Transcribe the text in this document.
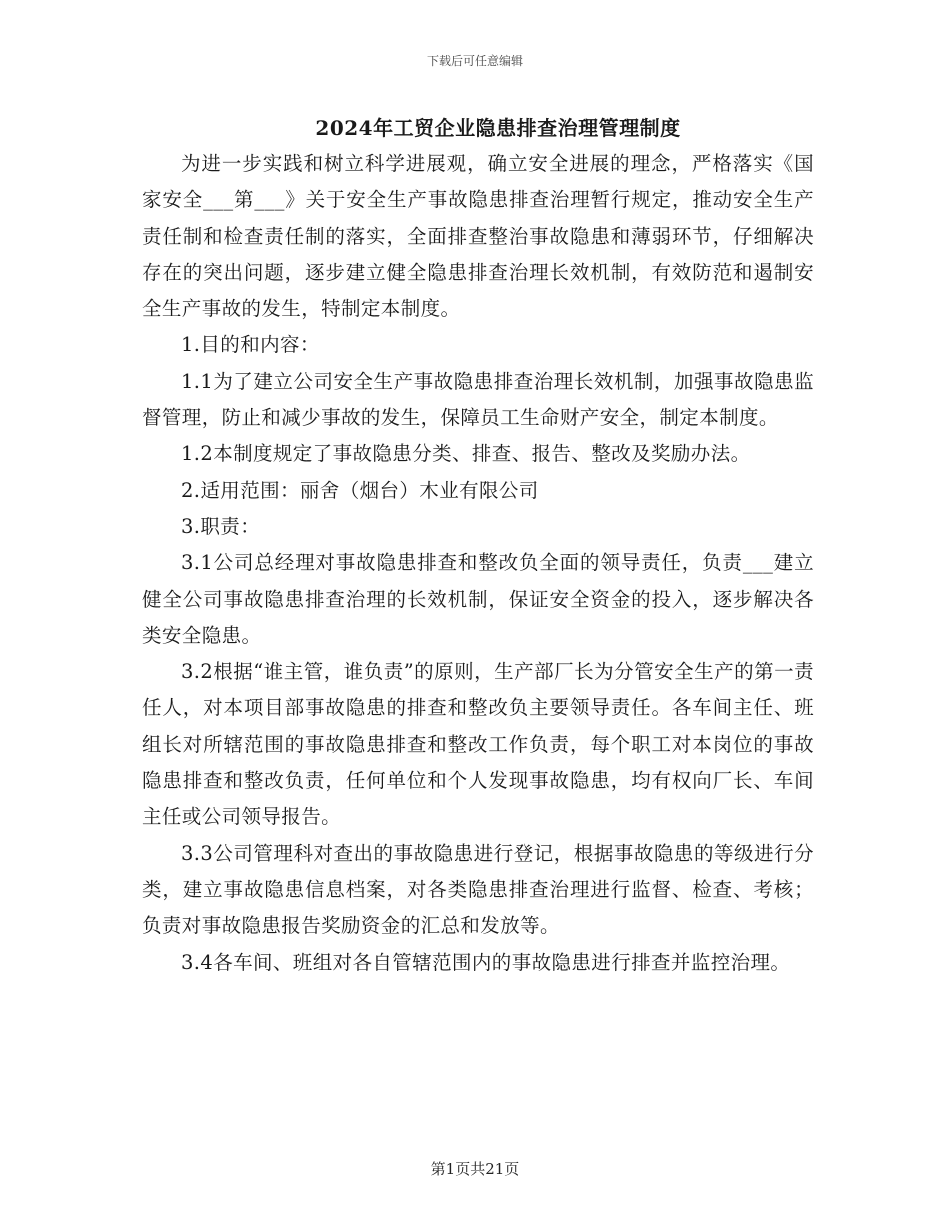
下载后可任意编辑
2024年工贸企业隐患排查治理管理制度

为进一步实践和树立科学进展观，确立安全进展的理念，严格落实《国家安全___第___》关于安全生产事故隐患排查治理暂行规定，推动安全生产责任制和检查责任制的落实，全面排查整治事故隐患和薄弱环节，仔细解决存在的突出问题，逐步建立健全隐患排查治理长效机制，有效防范和遏制安全生产事故的发生，特制定本制度。

1.目的和内容：

1.1为了建立公司安全生产事故隐患排查治理长效机制，加强事故隐患监督管理，防止和减少事故的发生，保障员工生命财产安全，制定本制度。

1.2本制度规定了事故隐患分类、排查、报告、整改及奖励办法。

2.适用范围：丽舍（烟台）木业有限公司

3.职责：

3.1公司总经理对事故隐患排查和整改负全面的领导责任，负责___建立健全公司事故隐患排查治理的长效机制，保证安全资金的投入，逐步解决各类安全隐患。

3.2根据“谁主管，谁负责”的原则，生产部厂长为分管安全生产的第一责任人，对本项目部事故隐患的排查和整改负主要领导责任。各车间主任、班组长对所辖范围的事故隐患排查和整改工作负责，每个职工对本岗位的事故隐患排查和整改负责，任何单位和个人发现事故隐患，均有权向厂长、车间主任或公司领导报告。

3.3公司管理科对查出的事故隐患进行登记，根据事故隐患的等级进行分类，建立事故隐患信息档案，对各类隐患排查治理进行监督、检查、考核；负责对事故隐患报告奖励资金的汇总和发放等。

3.4各车间、班组对各自管辖范围内的事故隐患进行排查并监控治理。

第1页共21页
